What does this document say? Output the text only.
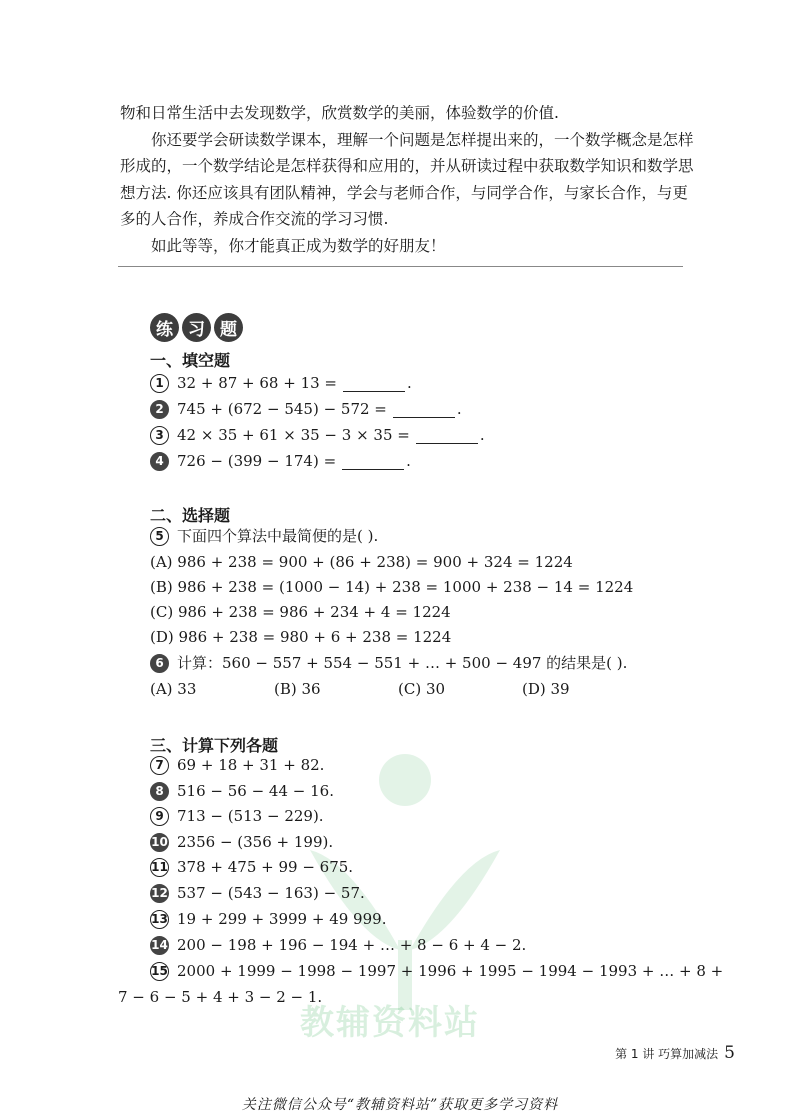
物和日常生活中去发现数学，欣赏数学的美丽，体验数学的价值.

你还要学会研读数学课本，理解一个问题是怎样提出来的，一个数学概念是怎样形成的，一个数学结论是怎样获得和应用的，并从研读过程中获取数学知识和数学思想方法. 你还应该具有团队精神，学会与老师合作，与同学合作，与家长合作，与更多的人合作，养成合作交流的学习习惯.

如此等等，你才能真正成为数学的好朋友！

练 习 题
一、填空题
1 32 + 87 + 68 + 13 =	.
2 745 + (672 − 545) − 572 =	.
3 42 × 35 + 61 × 35 − 3 × 35 =	.
4 726 − (399 − 174) =	.
二、选择题
5 下面四个算法中最简便的是( ).
(A) 986 + 238 = 900 + (86 + 238) = 900 + 324 = 1224
(B) 986 + 238 = (1000 − 14) + 238 = 1000 + 238 − 14 = 1224
(C) 986 + 238 = 986 + 234 + 4 = 1224
(D) 986 + 238 = 980 + 6 + 238 = 1224
6 计算：560 − 557 + 554 − 551 + … + 500 − 497 的结果是( ).
(A) 33	(B) 36	(C) 30	(D) 39
教辅资料站
三、计算下列各题
7 69 + 18 + 31 + 82.
8 516 − 56 − 44 − 16.
9 713 − (513 − 229).
10 2356 − (356 + 199).
11 378 + 475 + 99 − 675.
12 537 − (543 − 163) − 57.
13 19 + 299 + 3999 + 49 999.
14 200 − 198 + 196 − 194 + … + 8 − 6 + 4 − 2.
15 2000 + 1999 − 1998 − 1997 + 1996 + 1995 − 1994 − 1993 + … + 8 +
7 − 6 − 5 + 4 + 3 − 2 − 1.
第 1 讲 巧算加减法 5
关注微信公众号“教辅资料站”获取更多学习资料
